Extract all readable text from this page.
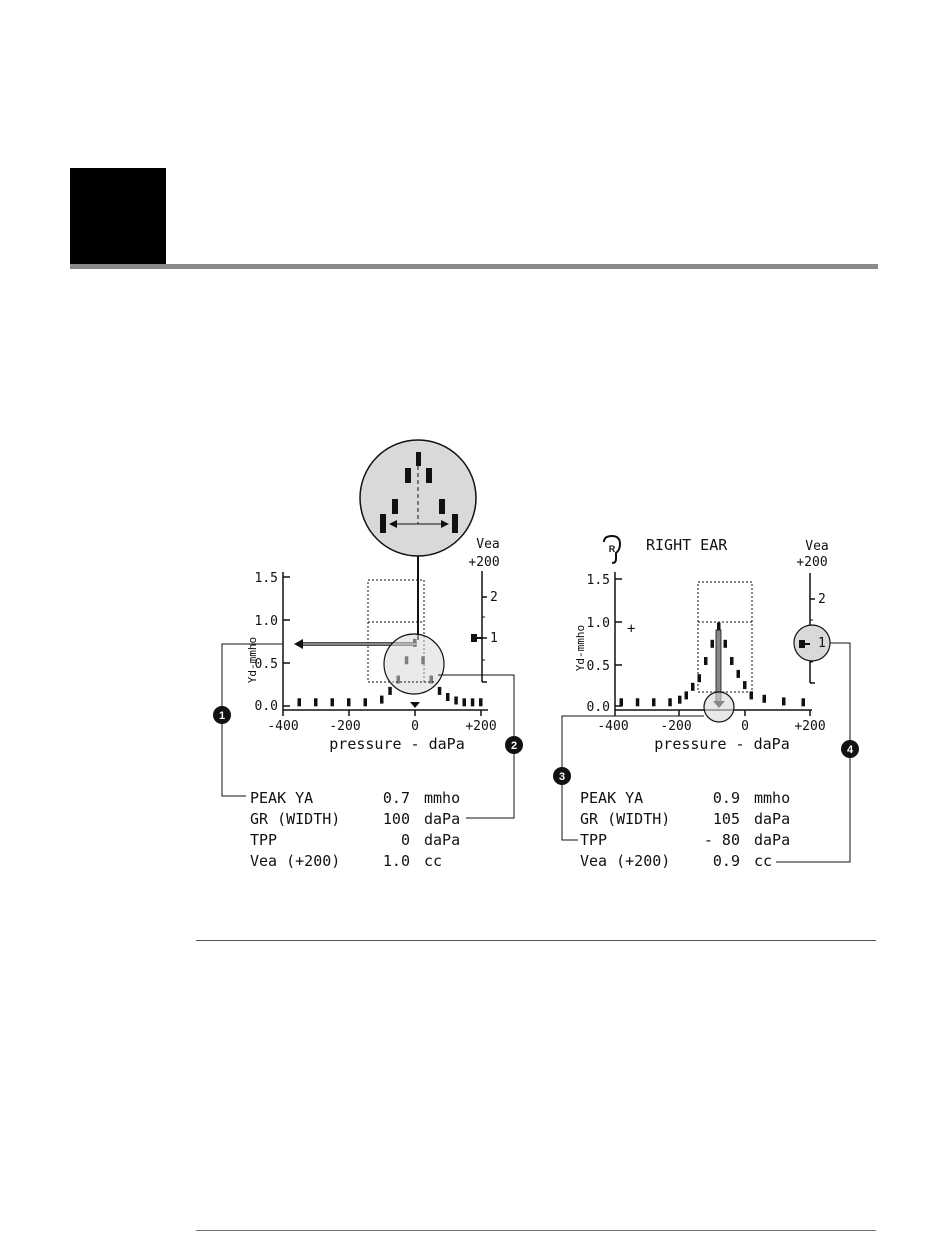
1.5
1.0
0.5
0.0
Yd-mmho
-400 -200	0	+200
pressure - daPa
Vea
+200
2
1
1
2
PEAK YA	0.7 mmho
GR (WIDTH)	100 daPa
TPP	0 daPa
Vea (+200)	1.0 cc
R RIGHT EAR
1.5
1.0
0.5
0.0
Yd-mmho
-400 -200	0	+200
pressure - daPa
+
Vea
+200
2
1
3
4
PEAK YA	0.9 mmho
GR (WIDTH)	105 daPa
TPP	- 80 daPa
Vea (+200)	0.9 cc
